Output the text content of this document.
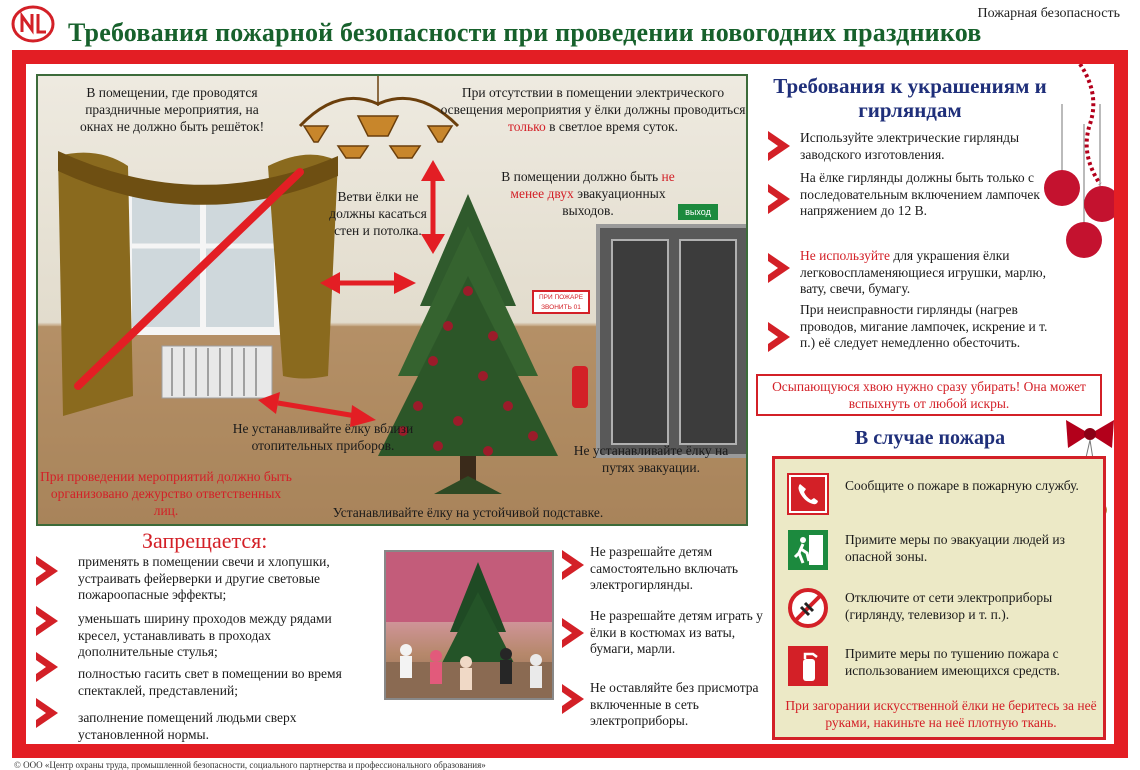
Пожарная безопасность
Требования пожарной безопасности при проведении новогодних праздников
В помещении, где проводятся праздничные мероприятия, на окнах не должно быть решёток!
При отсутствии в помещении электрического освещения мероприятия у ёлки должны проводиться только в светлое время суток.
Ветви ёлки не должны касаться стен и потолка.
В помещении должно быть не менее двух эвакуационных выходов.	выход
ПРИ ПОЖАРЕ ЗВОНИТЬ 01
Не устанавливайте ёлку вблизи отопительных приборов.
При проведении мероприятий должно быть организовано дежурство ответственных лиц.
Не устанавливайте ёлку на путях эвакуации.
Устанавливайте ёлку на устойчивой подставке.
Требования к украшениям и гирляндам
Используйте электрические гирлянды заводского изготовления.
На ёлке гирлянды должны быть только с последовательным включением лампочек напряжением до 12 В.
Не используйте для украшения ёлки легковоспламеняющиеся игрушки, марлю, вату, свечи, бумагу.
При неисправности гирлянды (нагрев проводов, мигание лампочек, искрение и т. п.) её следует немедленно обесточить.
Осыпающуюся хвою нужно сразу убирать! Она может вспыхнуть от любой искры.
В случае пожара
Сообщите о пожаре в пожарную службу.
Примите меры по эвакуации людей из опасной зоны.
Отключите от сети электроприборы (гирлянду, телевизор и т. п.).
Примите меры по тушению пожара с использованием имеющихся средств.
При загорании искусственной ёлки не беритесь за неё руками, накиньте на неё плотную ткань.
Запрещается:
применять в помещении свечи и хлопушки, устраивать фейерверки и другие световые пожароопасные эффекты;
уменьшать ширину проходов между рядами кресел, устанавливать в проходах дополнительные стулья;
полностью гасить свет в помещении во время спектаклей, представлений;
заполнение помещений людьми сверх установленной нормы.
Не разрешайте детям самостоятельно включать электрогирлянды.
Не разрешайте детям играть у ёлки в костюмах из ваты, бумаги, марли.
Не оставляйте без присмотра включенные в сеть электроприборы.
© ООО «Центр охраны труда, промышленной безопасности, социального партнерства и профессионального образования»
